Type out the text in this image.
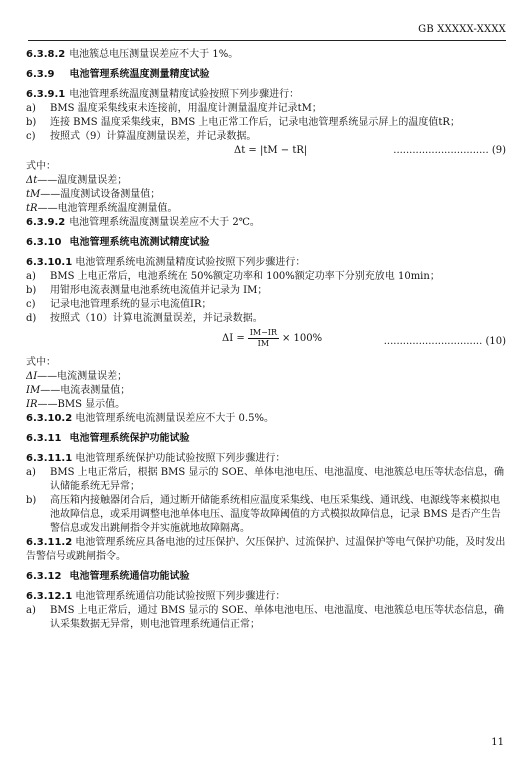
GB XXXXX-XXXX
6.3.8.2 电池簇总电压测量误差应不大于 1%。
6.3.9 电池管理系统温度测量精度试验
6.3.9.1 电池管理系统温度测量精度试验按照下列步骤进行：
a)	BMS 温度采集线束未连接前，用温度计测量温度并记录tM；
b)	连接 BMS 温度采集线束，BMS 上电正常工作后，记录电池管理系统显示屏上的温度值tR；
c)	按照式（9）计算温度测量误差，并记录数据。
Δt = |tM − tR|	.............................. (9)
式中：
Δt——温度测量误差；
tM——温度测试设备测量值；
tR——电池管理系统温度测量值。
6.3.9.2 电池管理系统温度测量误差应不大于 2℃。
6.3.10 电池管理系统电流测试精度试验
6.3.10.1 电池管理系统电流测量精度试验按照下列步骤进行：
a)	BMS 上电正常后，电池系统在 50%额定功率和 100%额定功率下分别充放电 10min；
b)	用钳形电流表测量电池系统电流值并记录为 IM；
c)	记录电池管理系统的显示电流值IR；
d)	按照式（10）计算电流测量误差，并记录数据。
$\Delta I = \frac{IM-IR}{IM} \times 100\%$	............................... (10)
式中：
ΔI——电流测量误差；
IM——电流表测量值；
IR——BMS 显示值。
6.3.10.2 电池管理系统电流测量误差应不大于 0.5%。
6.3.11 电池管理系统保护功能试验
6.3.11.1 电池管理系统保护功能试验按照下列步骤进行：
a)	BMS 上电正常后，根据 BMS 显示的 SOE、单体电池电压、电池温度、电池簇总电压等状态信息，确认储能系统无异常；
b)	高压箱内接触器闭合后，通过断开储能系统相应温度采集线、电压采集线、通讯线、电源线等来模拟电池故障信息，或采用调整电池单体电压、温度等故障阈值的方式模拟故障信息，记录 BMS 是否产生告警信息或发出跳闸指令并实施就地故障隔离。
6.3.11.2 电池管理系统应具备电池的过压保护、欠压保护、过流保护、过温保护等电气保护功能，及时发出告警信号或跳闸指令。
6.3.12 电池管理系统通信功能试验
6.3.12.1 电池管理系统通信功能试验按照下列步骤进行：
a)	BMS 上电正常后，通过 BMS 显示的 SOE、单体电池电压、电池温度、电池簇总电压等状态信息，确认采集数据无异常，则电池管理系统通信正常；
11
